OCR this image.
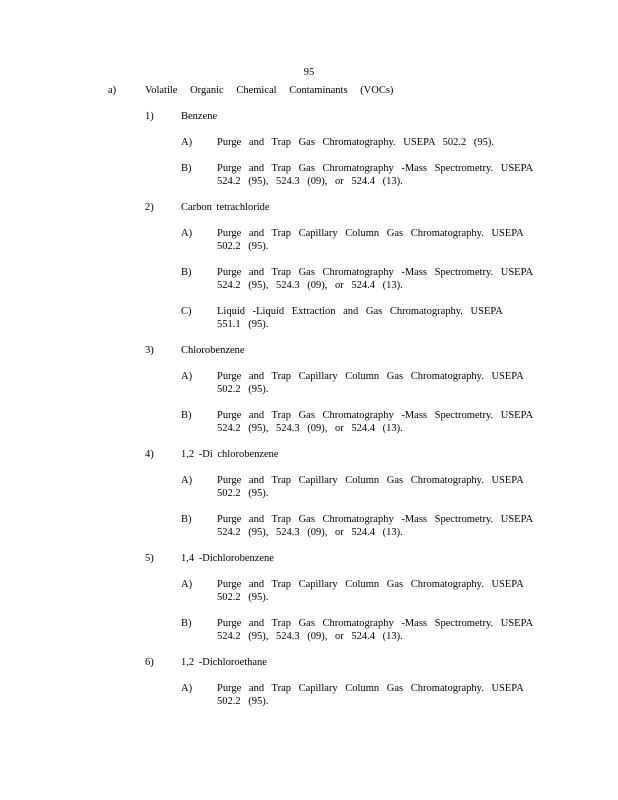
95
a)	Volatile Organic Chemical Contaminants (VOCs)
1)	Benzene
A)	Purge and Trap Gas Chromatography. USEPA 502.2 (95).
B)	Purge and Trap Gas Chromatography -Mass Spectrometry. USEPA
524.2 (95), 524.3 (09), or 524.4 (13).
2)	Carbon tetrachloride
A)	Purge and Trap Capillary Column Gas Chromatography. USEPA
502.2 (95).
B)	Purge and Trap Gas Chromatography -Mass Spectrometry. USEPA
524.2 (95), 524.3 (09), or 524.4 (13).
C)	Liquid -Liquid Extraction and Gas Chromatography. USEPA
551.1 (95).
3)	Chlorobenzene
A)	Purge and Trap Capillary Column Gas Chromatography. USEPA
502.2 (95).
B)	Purge and Trap Gas Chromatography -Mass Spectrometry. USEPA
524.2 (95), 524.3 (09), or 524.4 (13).
4)	1,2 -Di chlorobenzene
A)	Purge and Trap Capillary Column Gas Chromatography. USEPA
502.2 (95).
B)	Purge and Trap Gas Chromatography -Mass Spectrometry. USEPA
524.2 (95), 524.3 (09), or 524.4 (13).
5)	1,4 -Dichlorobenzene
A)	Purge and Trap Capillary Column Gas Chromatography. USEPA
502.2 (95).
B)	Purge and Trap Gas Chromatography -Mass Spectrometry. USEPA
524.2 (95), 524.3 (09), or 524.4 (13).
6)	1,2 -Dichloroethane
A)	Purge and Trap Capillary Column Gas Chromatography. USEPA
502.2 (95).
